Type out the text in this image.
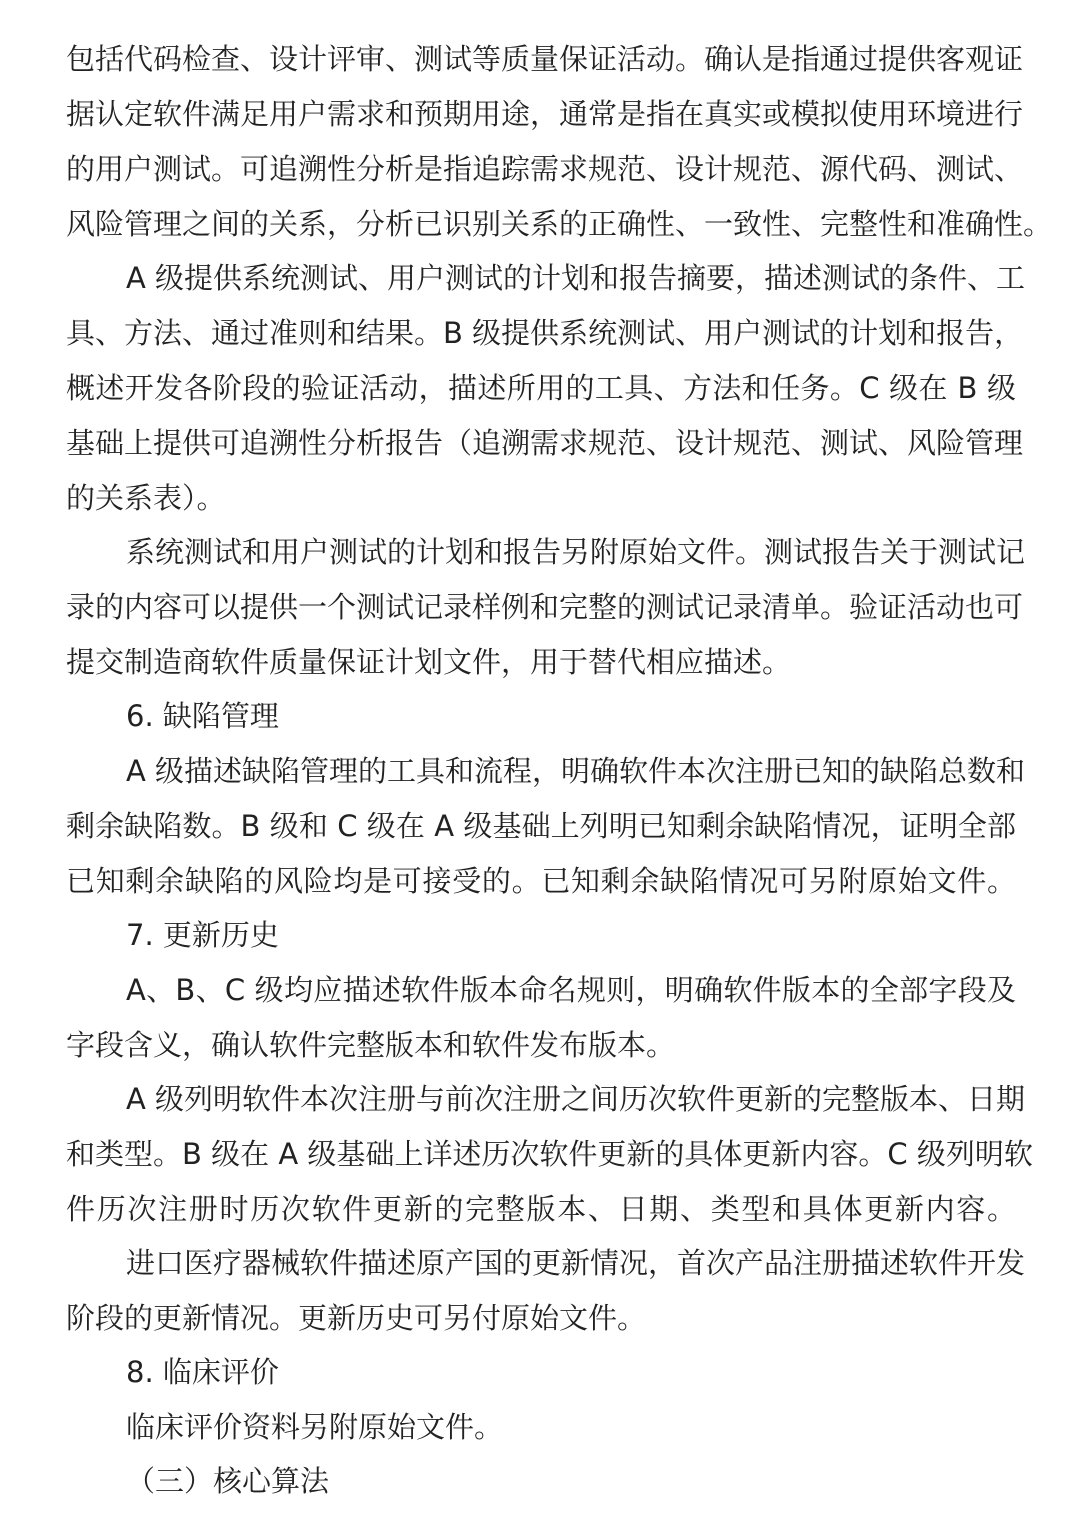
包括代码检查、设计评审、测试等质量保证活动。确认是指通过提供客观证
据认定软件满足用户需求和预期用途，通常是指在真实或模拟使用环境进行
的用户测试。可追溯性分析是指追踪需求规范、设计规范、源代码、测试、
风险管理之间的关系，分析已识别关系的正确性、一致性、完整性和准确性。
A 级提供系统测试、用户测试的计划和报告摘要，描述测试的条件、工
具、方法、通过准则和结果。B 级提供系统测试、用户测试的计划和报告，
概述开发各阶段的验证活动，描述所用的工具、方法和任务。C 级在 B 级
基础上提供可追溯性分析报告（追溯需求规范、设计规范、测试、风险管理
的关系表）。
系统测试和用户测试的计划和报告另附原始文件。测试报告关于测试记
录的内容可以提供一个测试记录样例和完整的测试记录清单。验证活动也可
提交制造商软件质量保证计划文件，用于替代相应描述。
6. 缺陷管理
A 级描述缺陷管理的工具和流程，明确软件本次注册已知的缺陷总数和
剩余缺陷数。B 级和 C 级在 A 级基础上列明已知剩余缺陷情况，证明全部
已知剩余缺陷的风险均是可接受的。已知剩余缺陷情况可另附原始文件。
7. 更新历史
A、B、C 级均应描述软件版本命名规则，明确软件版本的全部字段及
字段含义，确认软件完整版本和软件发布版本。
A 级列明软件本次注册与前次注册之间历次软件更新的完整版本、日期
和类型。B 级在 A 级基础上详述历次软件更新的具体更新内容。C 级列明软
件历次注册时历次软件更新的完整版本、日期、类型和具体更新内容。
进口医疗器械软件描述原产国的更新情况，首次产品注册描述软件开发
阶段的更新情况。更新历史可另付原始文件。
8. 临床评价
临床评价资料另附原始文件。
（三）核心算法
